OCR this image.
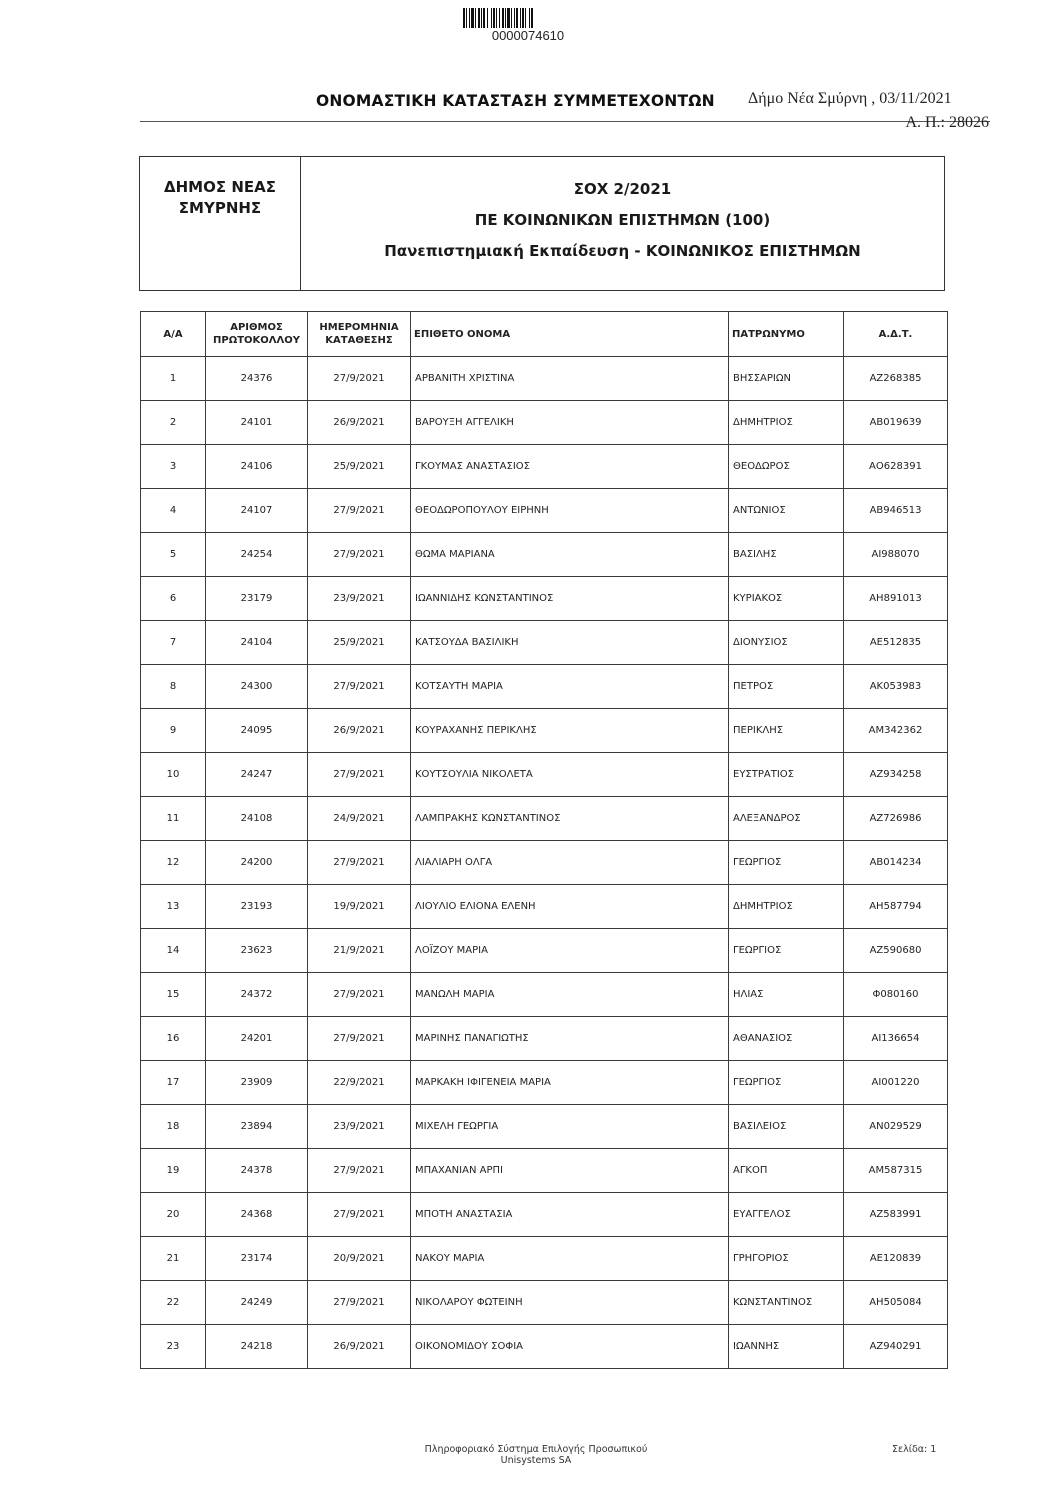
0000074610
ΟΝΟΜΑΣΤΙΚΗ ΚΑΤΑΣΤΑΣΗ ΣΥΜΜΕΤΕΧΟΝΤΩΝ Δήμο Νέα Σμύρνη , 03/11/2021
Α. Π.: 28026
ΔΗΜΟΣ ΝΕΑΣ ΣΜΥΡΝΗΣ
ΣΟΧ 2/2021
ΠΕ ΚΟΙΝΩΝΙΚΩΝ ΕΠΙΣΤΗΜΩΝ (100)
Πανεπιστημιακή Εκπαίδευση - ΚΟΙΝΩΝΙΚΟΣ ΕΠΙΣΤΗΜΩΝ
Α/Α	ΑΡΙΘΜΟΣ ΠΡΩΤΟΚΟΛΛΟΥ	ΗΜΕΡΟΜΗΝΙΑ ΚΑΤΑΘΕΣΗΣ	ΕΠΙΘΕΤΟ ΟΝΟΜΑ	ΠΑΤΡΩΝΥΜΟ	Α.Δ.Τ.
1	24376	27/9/2021	ΑΡΒΑΝΙΤΗ ΧΡΙΣΤΙΝΑ	ΒΗΣΣΑΡΙΩΝ	ΑΖ268385
2	24101	26/9/2021	ΒΑΡΟΥΞΗ ΑΓΓΕΛΙΚΗ	ΔΗΜΗΤΡΙΟΣ	ΑΒ019639
3	24106	25/9/2021	ΓΚΟΥΜΑΣ ΑΝΑΣΤΑΣΙΟΣ	ΘΕΟΔΩΡΟΣ	ΑΟ628391
4	24107	27/9/2021	ΘΕΟΔΩΡΟΠΟΥΛΟΥ ΕΙΡΗΝΗ	ΑΝΤΩΝΙΟΣ	ΑΒ946513
5	24254	27/9/2021	ΘΩΜΑ ΜΑΡΙΑΝΑ	ΒΑΣΙΛΗΣ	ΑΙ988070
6	23179	23/9/2021	ΙΩΑΝΝΙΔΗΣ ΚΩΝΣΤΑΝΤΙΝΟΣ	ΚΥΡΙΑΚΟΣ	ΑΗ891013
7	24104	25/9/2021	ΚΑΤΣΟΥΔΑ ΒΑΣΙΛΙΚΗ	ΔΙΟΝΥΣΙΟΣ	ΑΕ512835
8	24300	27/9/2021	ΚΟΤΣΑΥΤΗ ΜΑΡΙΑ	ΠΕΤΡΟΣ	ΑΚ053983
9	24095	26/9/2021	ΚΟΥΡΑΧΑΝΗΣ ΠΕΡΙΚΛΗΣ	ΠΕΡΙΚΛΗΣ	ΑΜ342362
10	24247	27/9/2021	ΚΟΥΤΣΟΥΛΙΑ ΝΙΚΟΛΕΤΑ	ΕΥΣΤΡΑΤΙΟΣ	ΑΖ934258
11	24108	24/9/2021	ΛΑΜΠΡΑΚΗΣ ΚΩΝΣΤΑΝΤΙΝΟΣ	ΑΛΕΞΑΝΔΡΟΣ	ΑΖ726986
12	24200	27/9/2021	ΛΙΑΛΙΑΡΗ ΟΛΓΑ	ΓΕΩΡΓΙΟΣ	ΑΒ014234
13	23193	19/9/2021	ΛΙΟΥΛΙΟ ΕΛΙΟΝΑ ΕΛΕΝΗ	ΔΗΜΗΤΡΙΟΣ	ΑΗ587794
14	23623	21/9/2021	ΛΟΪΖΟΥ ΜΑΡΙΑ	ΓΕΩΡΓΙΟΣ	ΑΖ590680
15	24372	27/9/2021	ΜΑΝΩΛΗ ΜΑΡΙΑ	ΗΛΙΑΣ	Φ080160
16	24201	27/9/2021	ΜΑΡΙΝΗΣ ΠΑΝΑΓΙΩΤΗΣ	ΑΘΑΝΑΣΙΟΣ	ΑΙ136654
17	23909	22/9/2021	ΜΑΡΚΑΚΗ ΙΦΙΓΕΝΕΙΑ ΜΑΡΙΑ	ΓΕΩΡΓΙΟΣ	ΑΙ001220
18	23894	23/9/2021	ΜΙΧΕΛΗ ΓΕΩΡΓΙΑ	ΒΑΣΙΛΕΙΟΣ	ΑΝ029529
19	24378	27/9/2021	ΜΠΑΧΑΝΙΑΝ ΑΡΠΙ	ΑΓΚΟΠ	ΑΜ587315
20	24368	27/9/2021	ΜΠΟΤΗ ΑΝΑΣΤΑΣΙΑ	ΕΥΑΓΓΕΛΟΣ	ΑΖ583991
21	23174	20/9/2021	ΝΑΚΟΥ ΜΑΡΙΑ	ΓΡΗΓΟΡΙΟΣ	ΑΕ120839
22	24249	27/9/2021	ΝΙΚΟΛΑΡΟΥ ΦΩΤΕΙΝΗ	ΚΩΝΣΤΑΝΤΙΝΟΣ	ΑΗ505084
23	24218	26/9/2021	ΟΙΚΟΝΟΜΙΔΟΥ ΣΟΦΙΑ	ΙΩΑΝΝΗΣ	ΑΖ940291
Πληροφοριακό Σύστημα Επιλογής Προσωπικού
Unisystems SA
Σελίδα: 1
